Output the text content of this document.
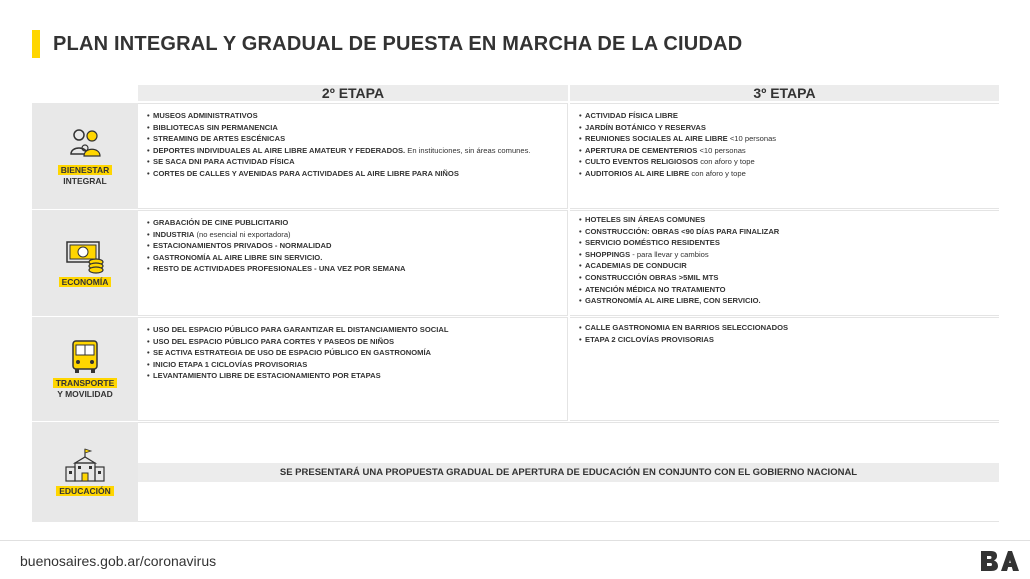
PLAN INTEGRAL Y GRADUAL DE PUESTA EN MARCHA DE LA CIUDAD
2º ETAPA	3º ETAPA
BIENESTAR
INTEGRAL
• MUSEOS ADMINISTRATIVOS
• BIBLIOTECAS SIN PERMANENCIA
• STREAMING DE ARTES ESCÉNICAS
• DEPORTES INDIVIDUALES AL AIRE LIBRE AMATEUR Y FEDERADOS. En instituciones, sin áreas comunes.
• SE SACA DNI PARA ACTIVIDAD FÍSICA
• CORTES DE CALLES Y AVENIDAS PARA ACTIVIDADES AL AIRE LIBRE PARA NIÑOS
• ACTIVIDAD FÍSICA LIBRE
• JARDÍN BOTÁNICO Y RESERVAS
• REUNIONES SOCIALES AL AIRE LIBRE <10 personas
• APERTURA DE CEMENTERIOS <10 personas
• CULTO EVENTOS RELIGIOSOS con aforo y tope
• AUDITORIOS AL AIRE LIBRE con aforo y tope
ECONOMÍA
• GRABACIÓN DE CINE PUBLICITARIO
• INDUSTRIA (no esencial ni exportadora)
• ESTACIONAMIENTOS PRIVADOS - NORMALIDAD
• GASTRONOMÍA AL AIRE LIBRE SIN SERVICIO.
• RESTO DE ACTIVIDADES PROFESIONALES - UNA VEZ POR SEMANA
• HOTELES SIN ÁREAS COMUNES
• CONSTRUCCIÓN: OBRAS <90 DÍAS PARA FINALIZAR
• SERVICIO DOMÉSTICO RESIDENTES
• SHOPPINGS - para llevar y cambios
• ACADEMIAS DE CONDUCIR
• CONSTRUCCIÓN OBRAS >5MIL MTS
• ATENCIÓN MÉDICA NO TRATAMIENTO
• GASTRONOMÍA AL AIRE LIBRE, CON SERVICIO.
TRANSPORTE
Y MOVILIDAD
• USO DEL ESPACIO PÚBLICO PARA GARANTIZAR EL DISTANCIAMIENTO SOCIAL
• USO DEL ESPACIO PÚBLICO PARA CORTES Y PASEOS DE NIÑOS
• SE ACTIVA ESTRATEGIA DE USO DE ESPACIO PÚBLICO EN GASTRONOMÍA
• INICIO ETAPA 1 CICLOVÍAS PROVISORIAS
• LEVANTAMIENTO LIBRE DE ESTACIONAMIENTO POR ETAPAS
• CALLE GASTRONOMIA EN BARRIOS SELECCIONADOS
• ETAPA 2 CICLOVÍAS PROVISORIAS
EDUCACIÓN
SE PRESENTARÁ UNA PROPUESTA GRADUAL DE APERTURA DE EDUCACIÓN EN CONJUNTO CON EL GOBIERNO NACIONAL
buenosaires.gob.ar/coronavirus
